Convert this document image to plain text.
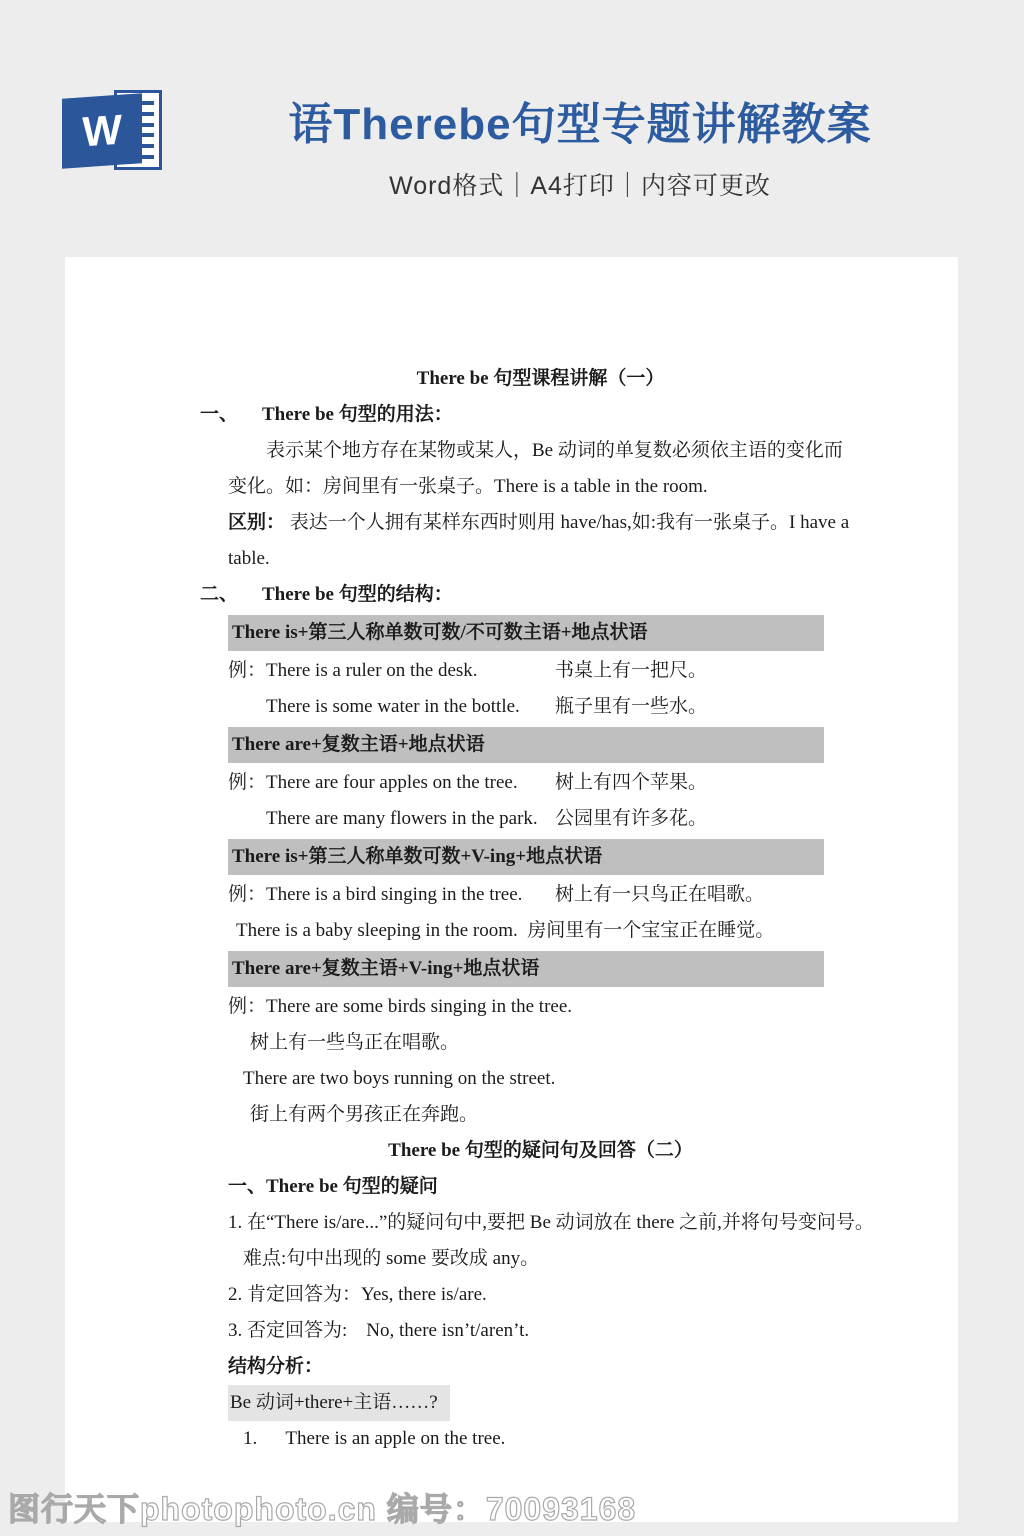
W	语Therebe句型专题讲解教案
Word格式｜A4打印｜内容可更改
There be 句型课程讲解（一）
一、	There be 句型的用法：

表示某个地方存在某物或某人，Be 动词的单复数必须依主语的变化而变化。如：房间里有一张桌子。There is a table in the room.

区别： 表达一个人拥有某样东西时则用 have/has,如:我有一张桌子。I have a table.

二、	There be 句型的结构：
There is+第三人称单数可数/不可数主语+地点状语
例：There is a ruler on the desk.	书桌上有一把尺。
There is some water in the bottle.	瓶子里有一些水。
There are+复数主语+地点状语
例：There are four apples on the tree.	树上有四个苹果。
There are many flowers in the park. 公园里有许多花。
There is+第三人称单数可数+V-ing+地点状语
例：There is a bird singing in the tree.	树上有一只鸟正在唱歌。
There is a baby sleeping in the room.  房间里有一个宝宝正在睡觉。
There are+复数主语+V-ing+地点状语
例：There are some birds singing in the tree.
树上有一些鸟正在唱歌。
There are two boys running on the street.
街上有两个男孩正在奔跑。
There be 句型的疑问句及回答（二）
一、There be 句型的疑问
1. 在“There is/are...”的疑问句中,要把 Be 动词放在 there 之前,并将句号变问号。
难点:句中出现的 some 要改成 any。
2. 肯定回答为：Yes, there is/are.
3. 否定回答为:　No, there isn’t/aren’t.
结构分析：
Be 动词+there+主语……?
1.      There is an apple on the tree.
图行天下photophoto.cn 编号：70093168
